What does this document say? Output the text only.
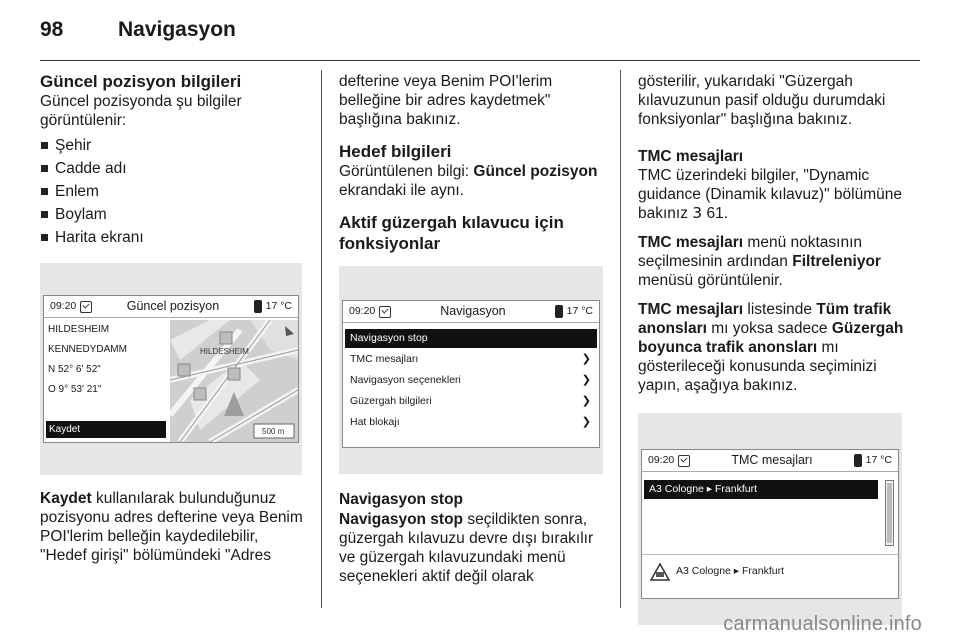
98	Navigasyon
Güncel pozisyon bilgileri

Güncel pozisyonda şu bilgiler görüntülenir:

Şehir
Cadde adı
Enlem
Boylam
Harita ekranı
09:20	Güncel pozisyon	17 °C
HILDESHEIM
KENNEDYDAMM
N 52° 6' 52"
O 9° 53' 21"
Kaydet
HILDESHEIM
500 m

Kaydet kullanılarak bulunduğunuz pozisyonu adres defterine veya Benim POI'lerim belleğin kaydedilebilir, "Hedef girişi" bölümündeki "Adres

defterine veya Benim POI'lerim belleğine bir adres kaydetmek" başlığına bakınız.

Hedef bilgileri

Görüntülenen bilgi: Güncel pozisyon ekrandaki ile aynı.

Aktif güzergah kılavucu için fonksiyonlar
09:20	Navigasyon	17 °C
Navigasyon stop
TMC mesajları	❯
Navigasyon seçenekleri	❯
Güzergah bilgileri	❯
Hat blokajı	❯
Navigasyon stop

Navigasyon stop seçildikten sonra, güzergah kılavuzu devre dışı bırakılır ve güzergah kılavuzundaki menü seçenekleri aktif değil olarak

gösterilir, yukarıdaki "Güzergah kılavuzunun pasif olduğu durumdaki fonksiyonlar" başlığına bakınız.

TMC mesajları

TMC üzerindeki bilgiler, "Dynamic guidance (Dinamik kılavuz)" bölümüne bakınız 3 61.

TMC mesajları menü noktasının seçilmesinin ardından Filtreleniyor menüsü görüntülenir.

TMC mesajları listesinde Tüm trafik anonsları mı yoksa sadece Güzergah boyunca trafik anonsları mı gösterileceği konusunda seçiminizi yapın, aşağıya bakınız.

09:20	TMC mesajları	17 °C
A3 Cologne ▸ Frankfurt
A3 Cologne ▸ Frankfurt
carmanualsonline.info
